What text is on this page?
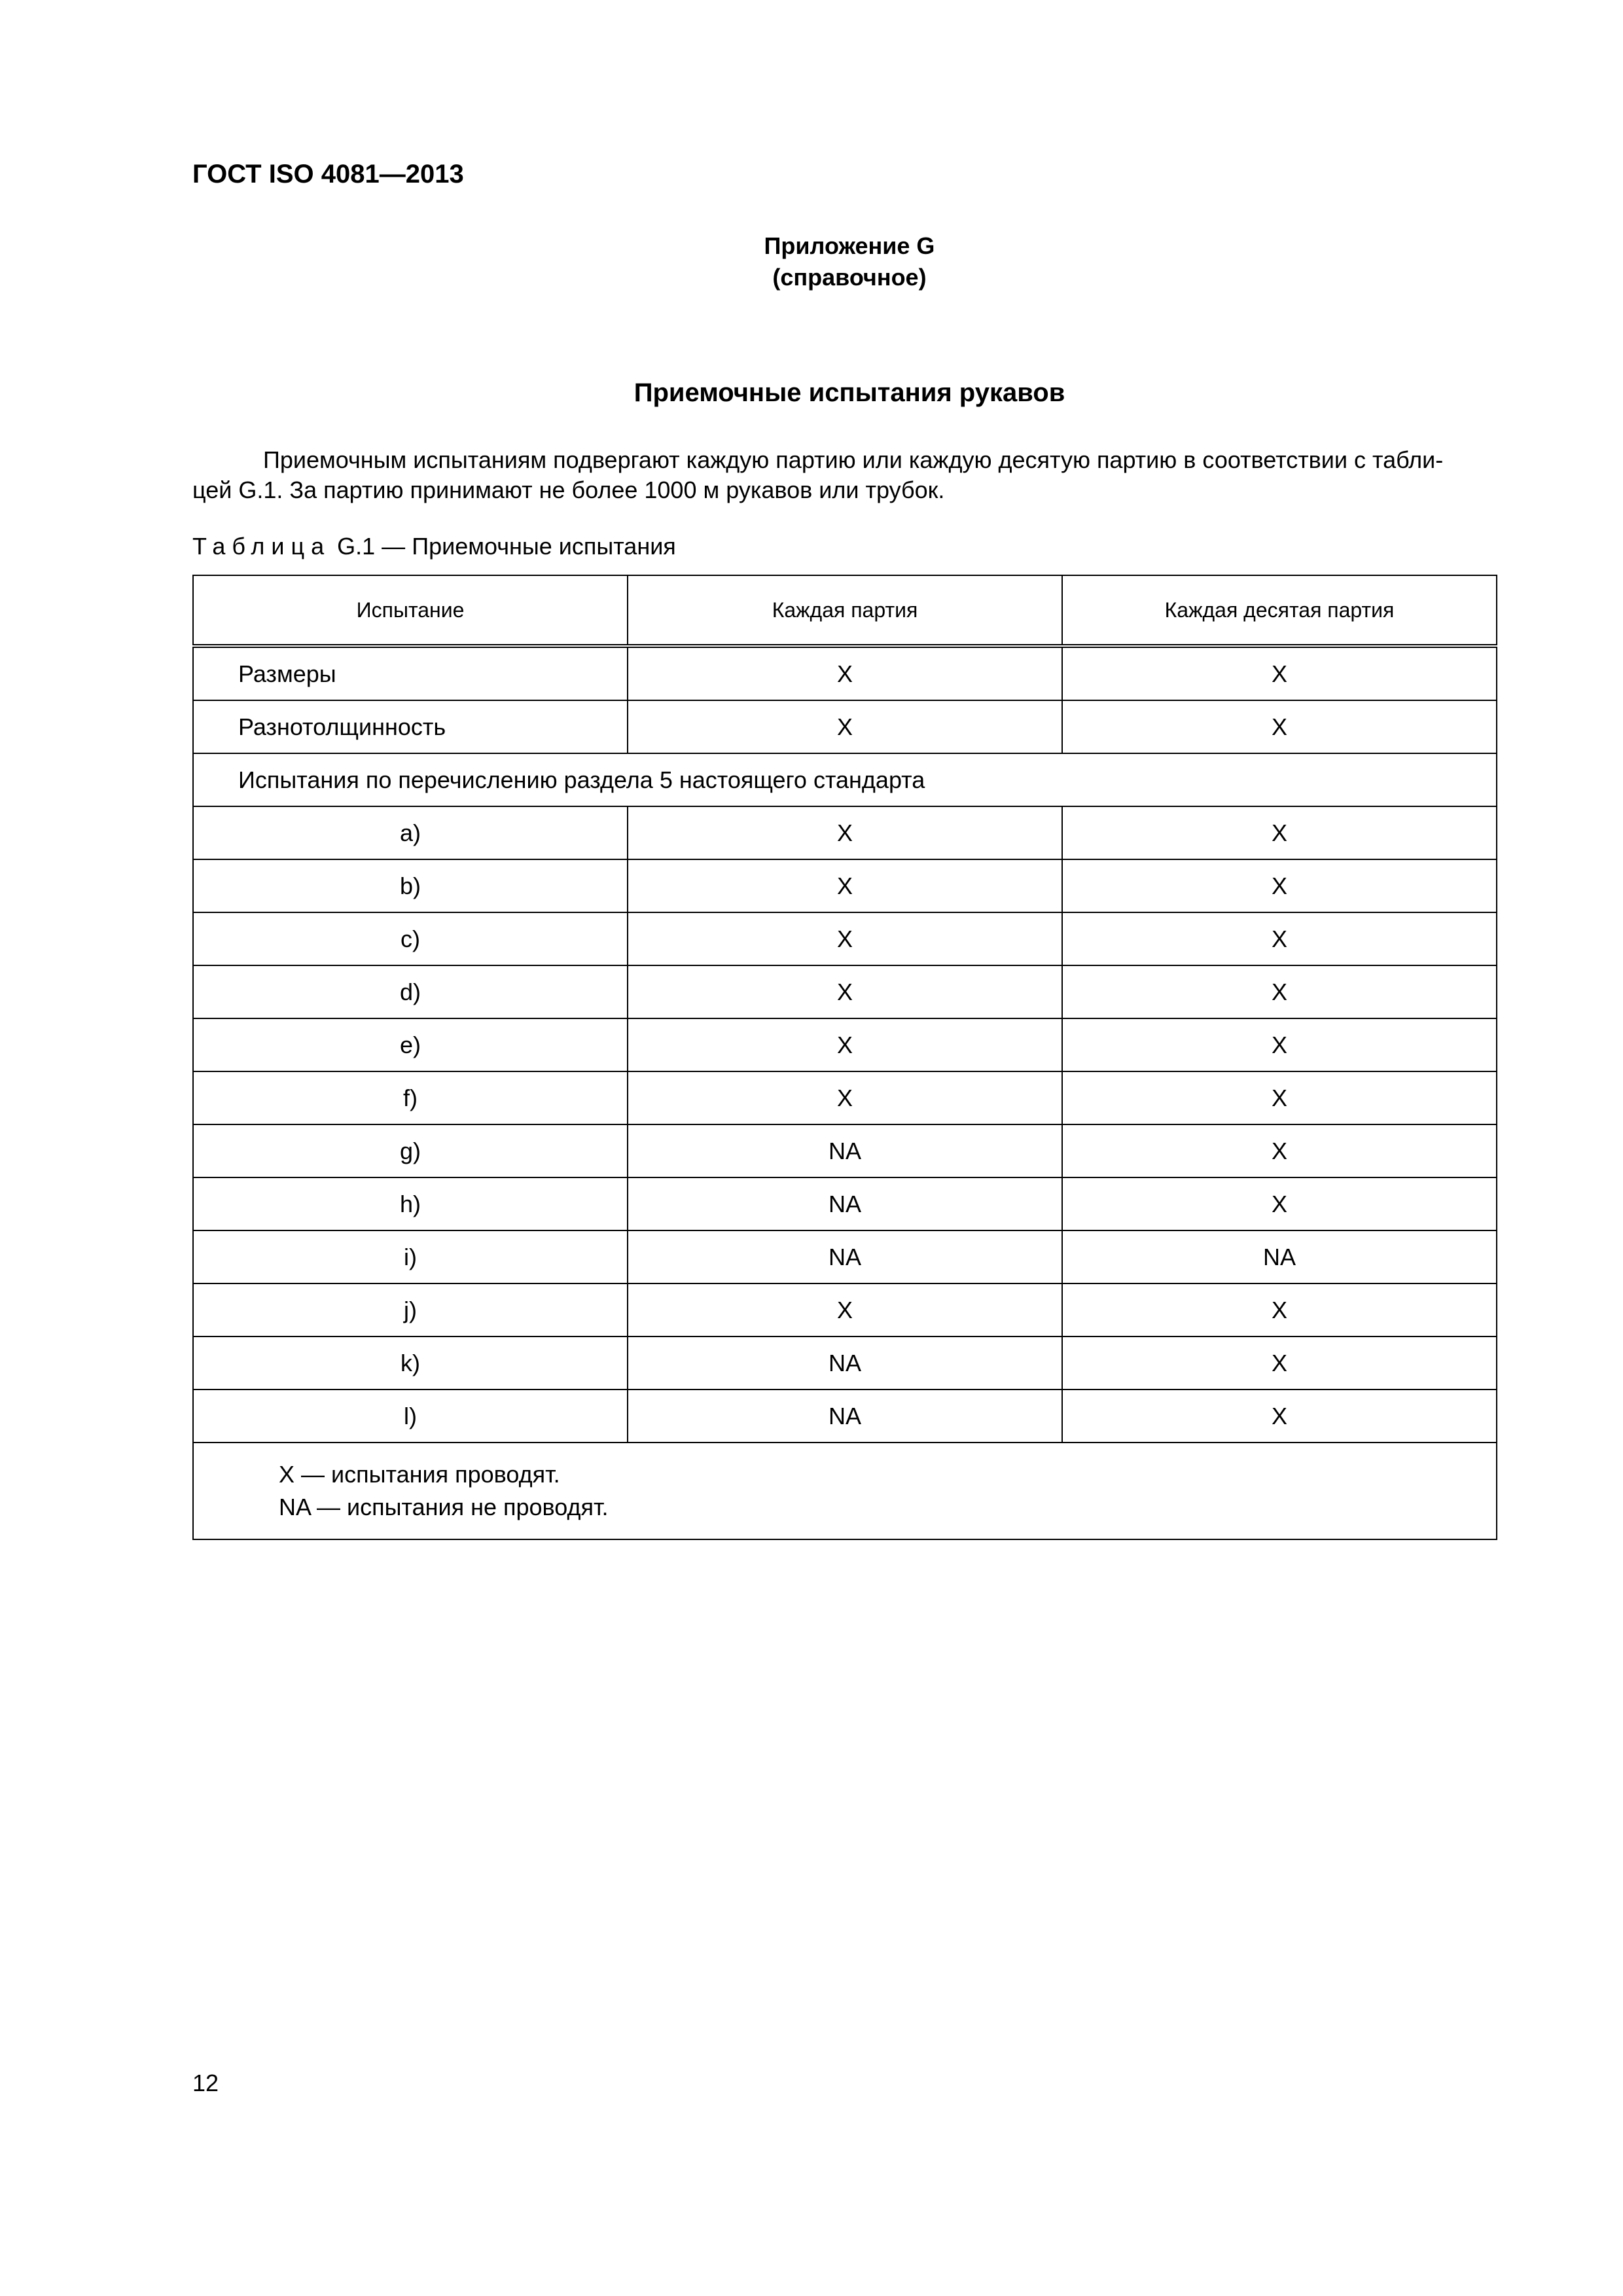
ГОСТ ISO 4081—2013
Приложение G
(справочное)
Приемочные испытания рукавов

Приемочным испытаниям подвергают каждую партию или каждую десятую партию в соответствии с табли-

цей G.1. За партию принимают не более 1000 м рукавов или трубок.

Таблица G.1 — Приемочные испытания
Испытание	Каждая партия	Каждая десятая партия
Размеры	X	X
Разнотолщинность	X	X
Испытания по перечислению раздела 5 настоящего стандарта		
a)	X	X
b)	X	X
c)	X	X
d)	X	X
e)	X	X
f)	X	X
g)	NA	X
h)	NA	X
i)	NA	NA
j)	X	X
k)	NA	X
l)	NA	X

X — испытания проводят.
NA — испытания не проводят.		
12
